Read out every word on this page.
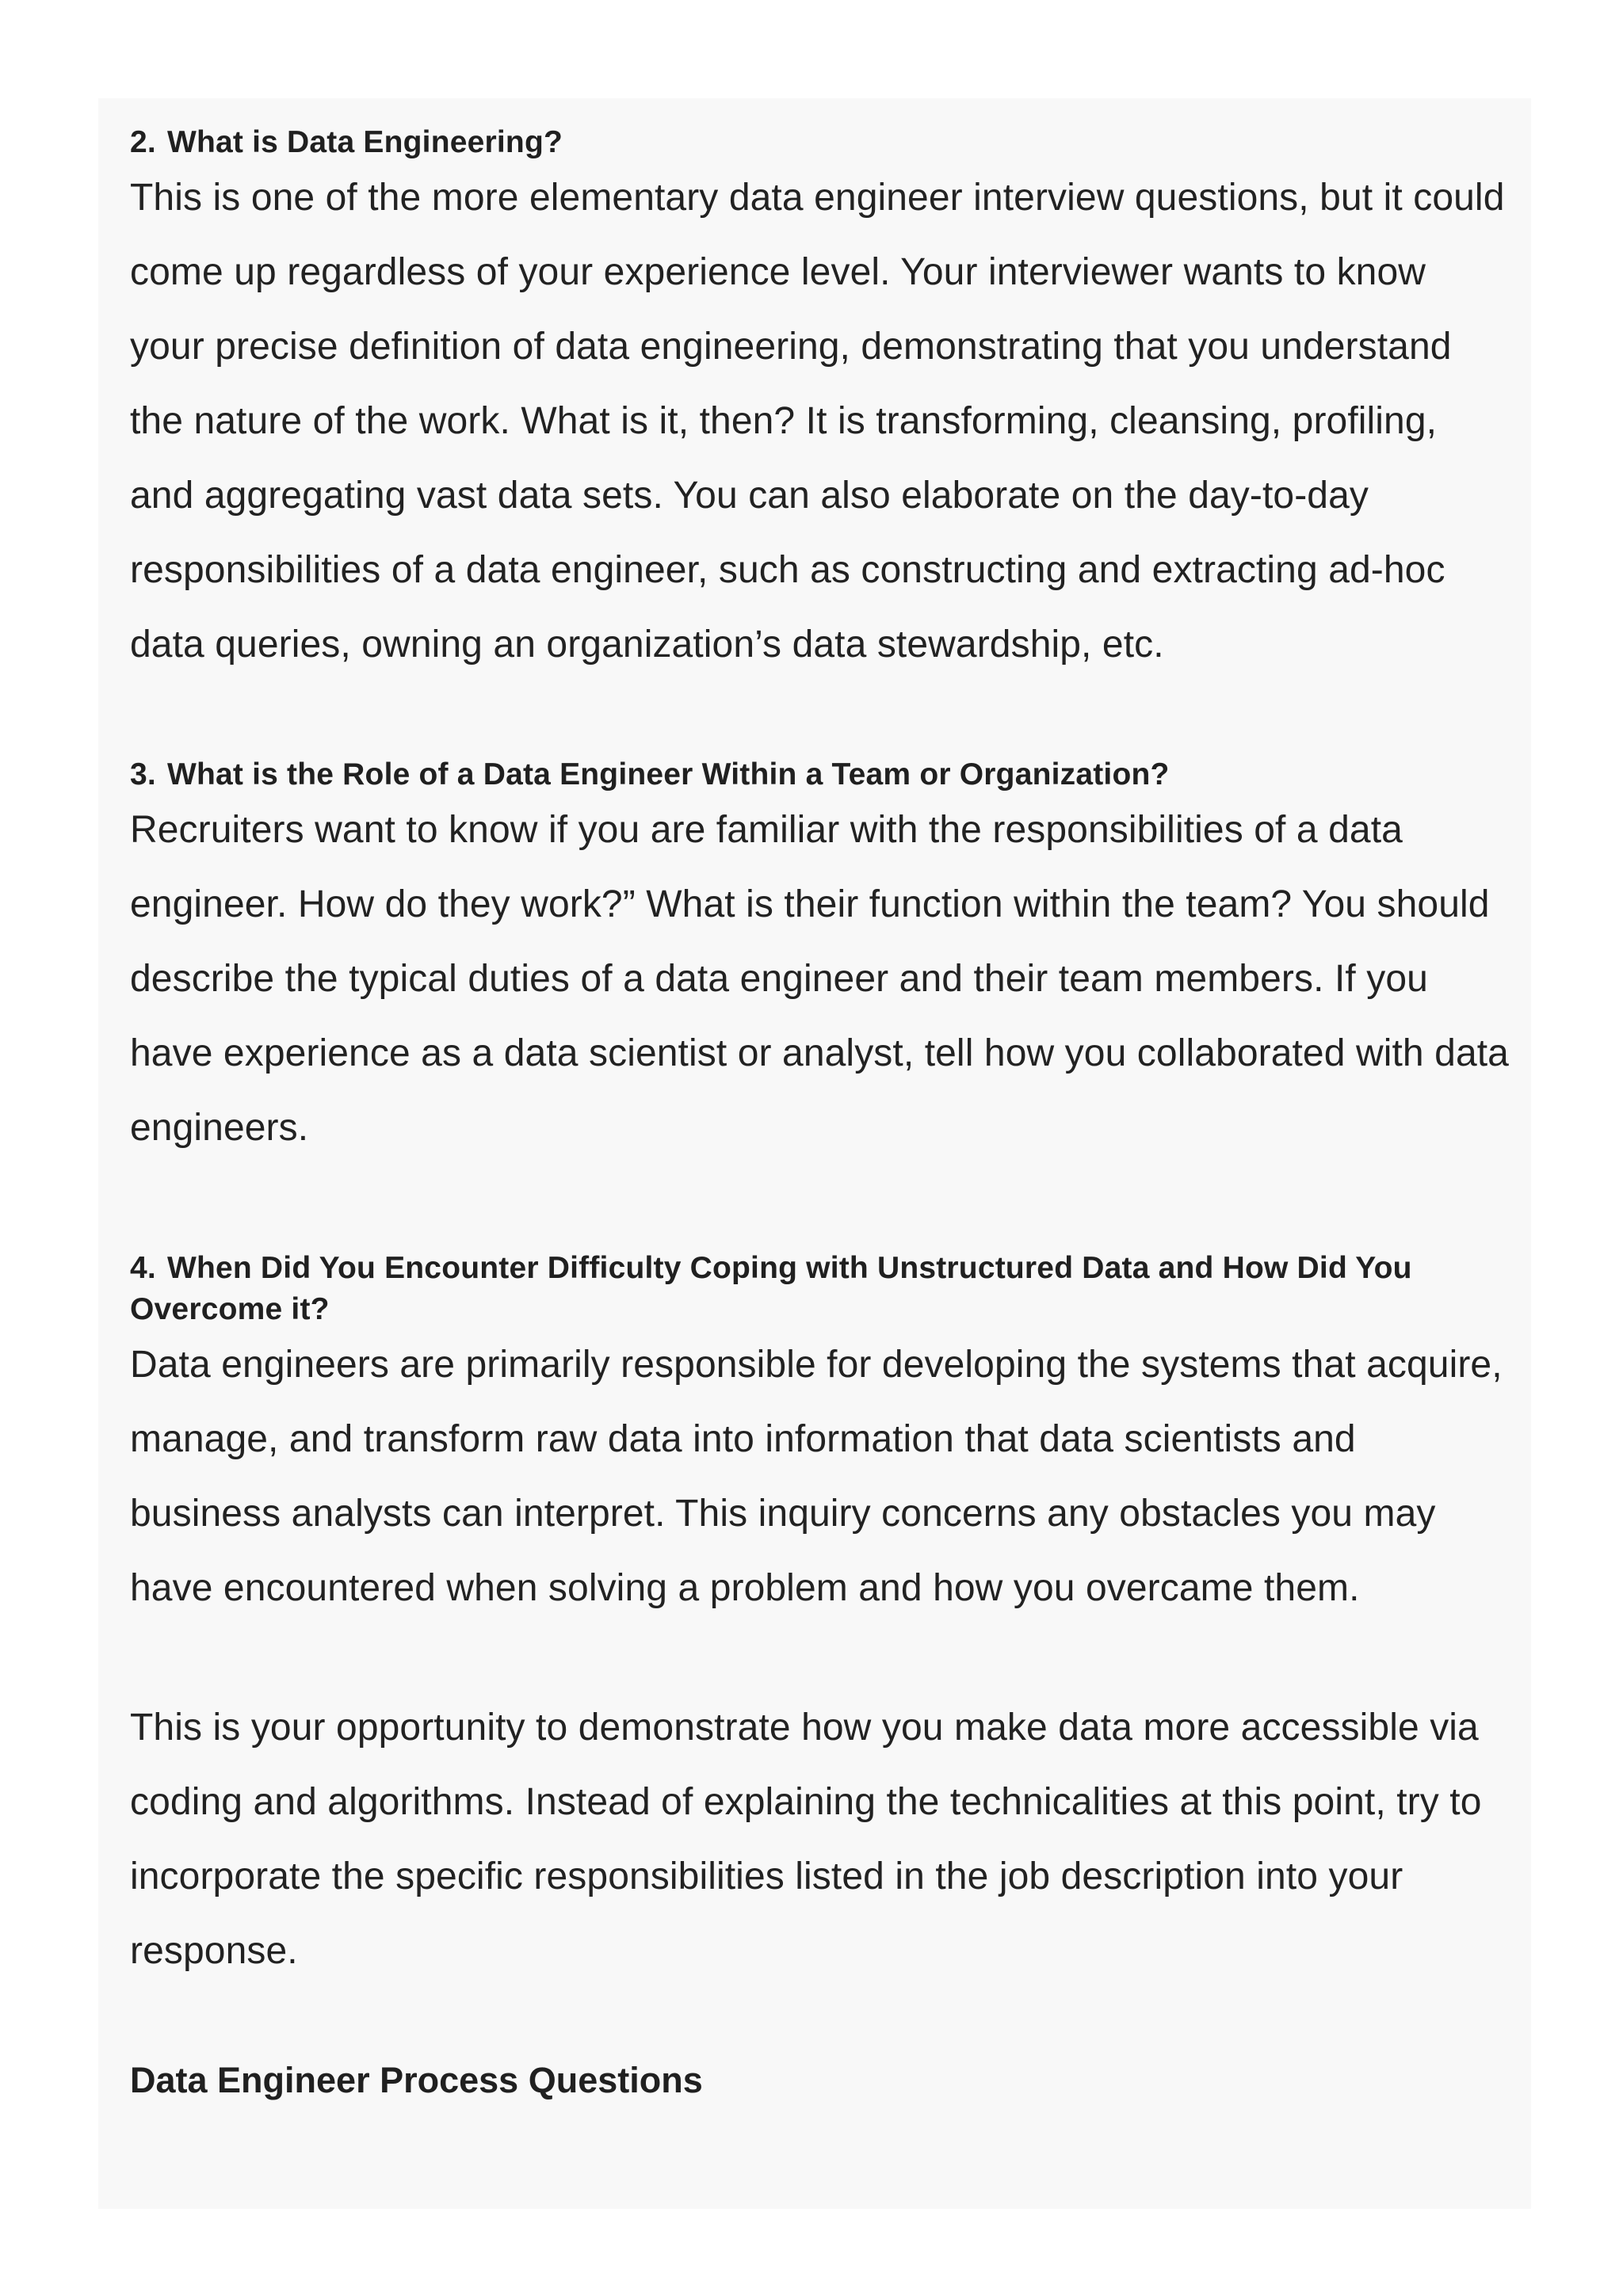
2. What is Data Engineering?

This is one of the more elementary data engineer interview questions, but it could come up regardless of your experience level. Your interviewer wants to know your precise definition of data engineering, demonstrating that you understand the nature of the work. What is it, then? It is transforming, cleansing, profiling, and aggregating vast data sets. You can also elaborate on the day-to-day responsibilities of a data engineer, such as constructing and extracting ad-hoc data queries, owning an organization’s data stewardship, etc.

3. What is the Role of a Data Engineer Within a Team or Organization?

Recruiters want to know if you are familiar with the responsibilities of a data engineer. How do they work?” What is their function within the team? You should describe the typical duties of a data engineer and their team members. If you have experience as a data scientist or analyst, tell how you collaborated with data engineers.

4. When Did You Encounter Difficulty Coping with Unstructured Data and How Did You Overcome it?

Data engineers are primarily responsible for developing the systems that acquire, manage, and transform raw data into information that data scientists and business analysts can interpret. This inquiry concerns any obstacles you may have encountered when solving a problem and how you overcame them.

This is your opportunity to demonstrate how you make data more accessible via coding and algorithms. Instead of explaining the technicalities at this point, try to incorporate the specific responsibilities listed in the job description into your response.

Data Engineer Process Questions
